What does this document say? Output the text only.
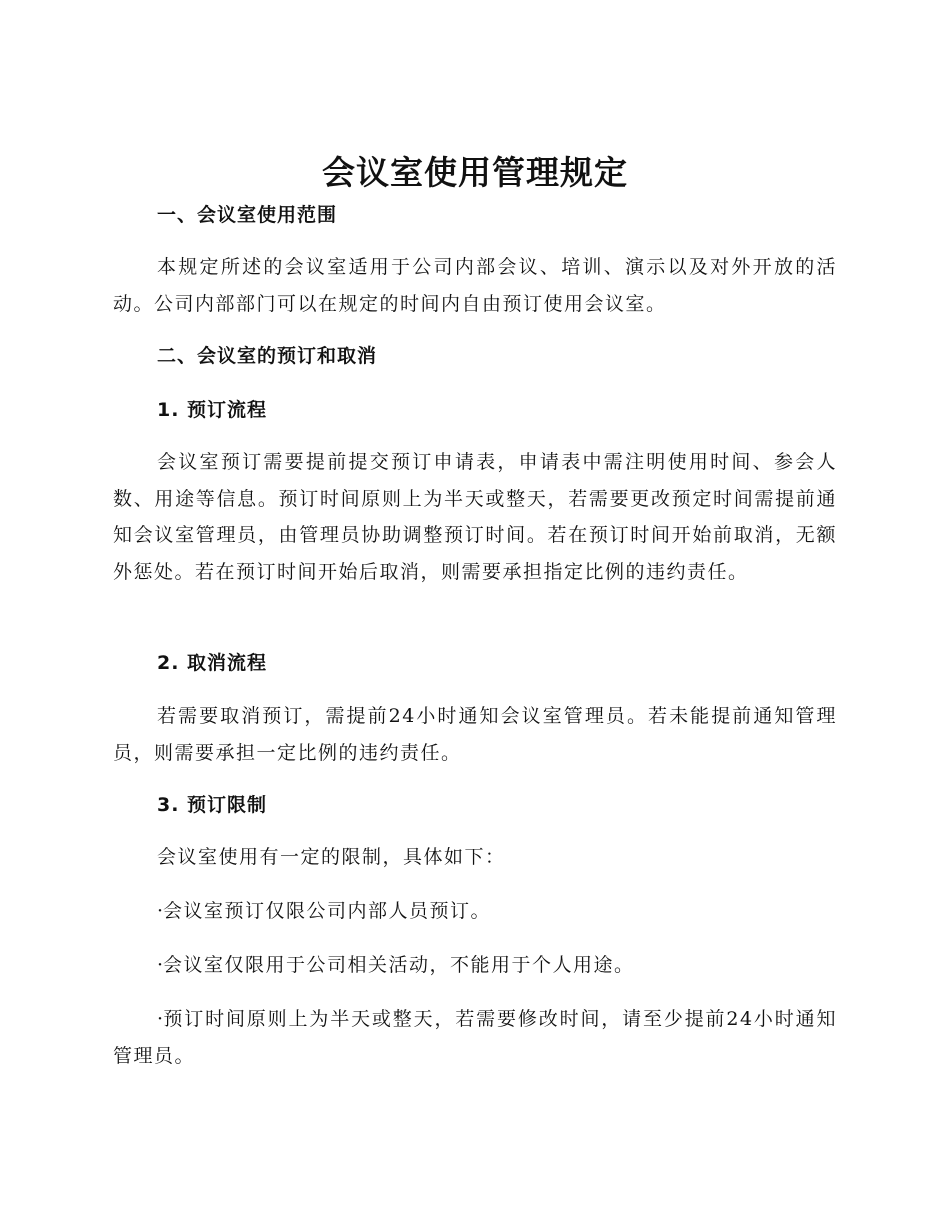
会议室使用管理规定
一、会议室使用范围

本规定所述的会议室适用于公司内部会议、培训、演示以及对外开放的活动。公司内部部门可以在规定的时间内自由预订使用会议室。

二、会议室的预订和取消
1. 预订流程

会议室预订需要提前提交预订申请表，申请表中需注明使用时间、参会人数、用途等信息。预订时间原则上为半天或整天，若需要更改预定时间需提前通知会议室管理员，由管理员协助调整预订时间。若在预订时间开始前取消，无额外惩处。若在预订时间开始后取消，则需要承担指定比例的违约责任。

2. 取消流程

若需要取消预订，需提前24小时通知会议室管理员。若未能提前通知管理员，则需要承担一定比例的违约责任。

3. 预订限制

会议室使用有一定的限制，具体如下：

·会议室预订仅限公司内部人员预订。

·会议室仅限用于公司相关活动，不能用于个人用途。

·预订时间原则上为半天或整天，若需要修改时间，请至少提前24小时通知管理员。
